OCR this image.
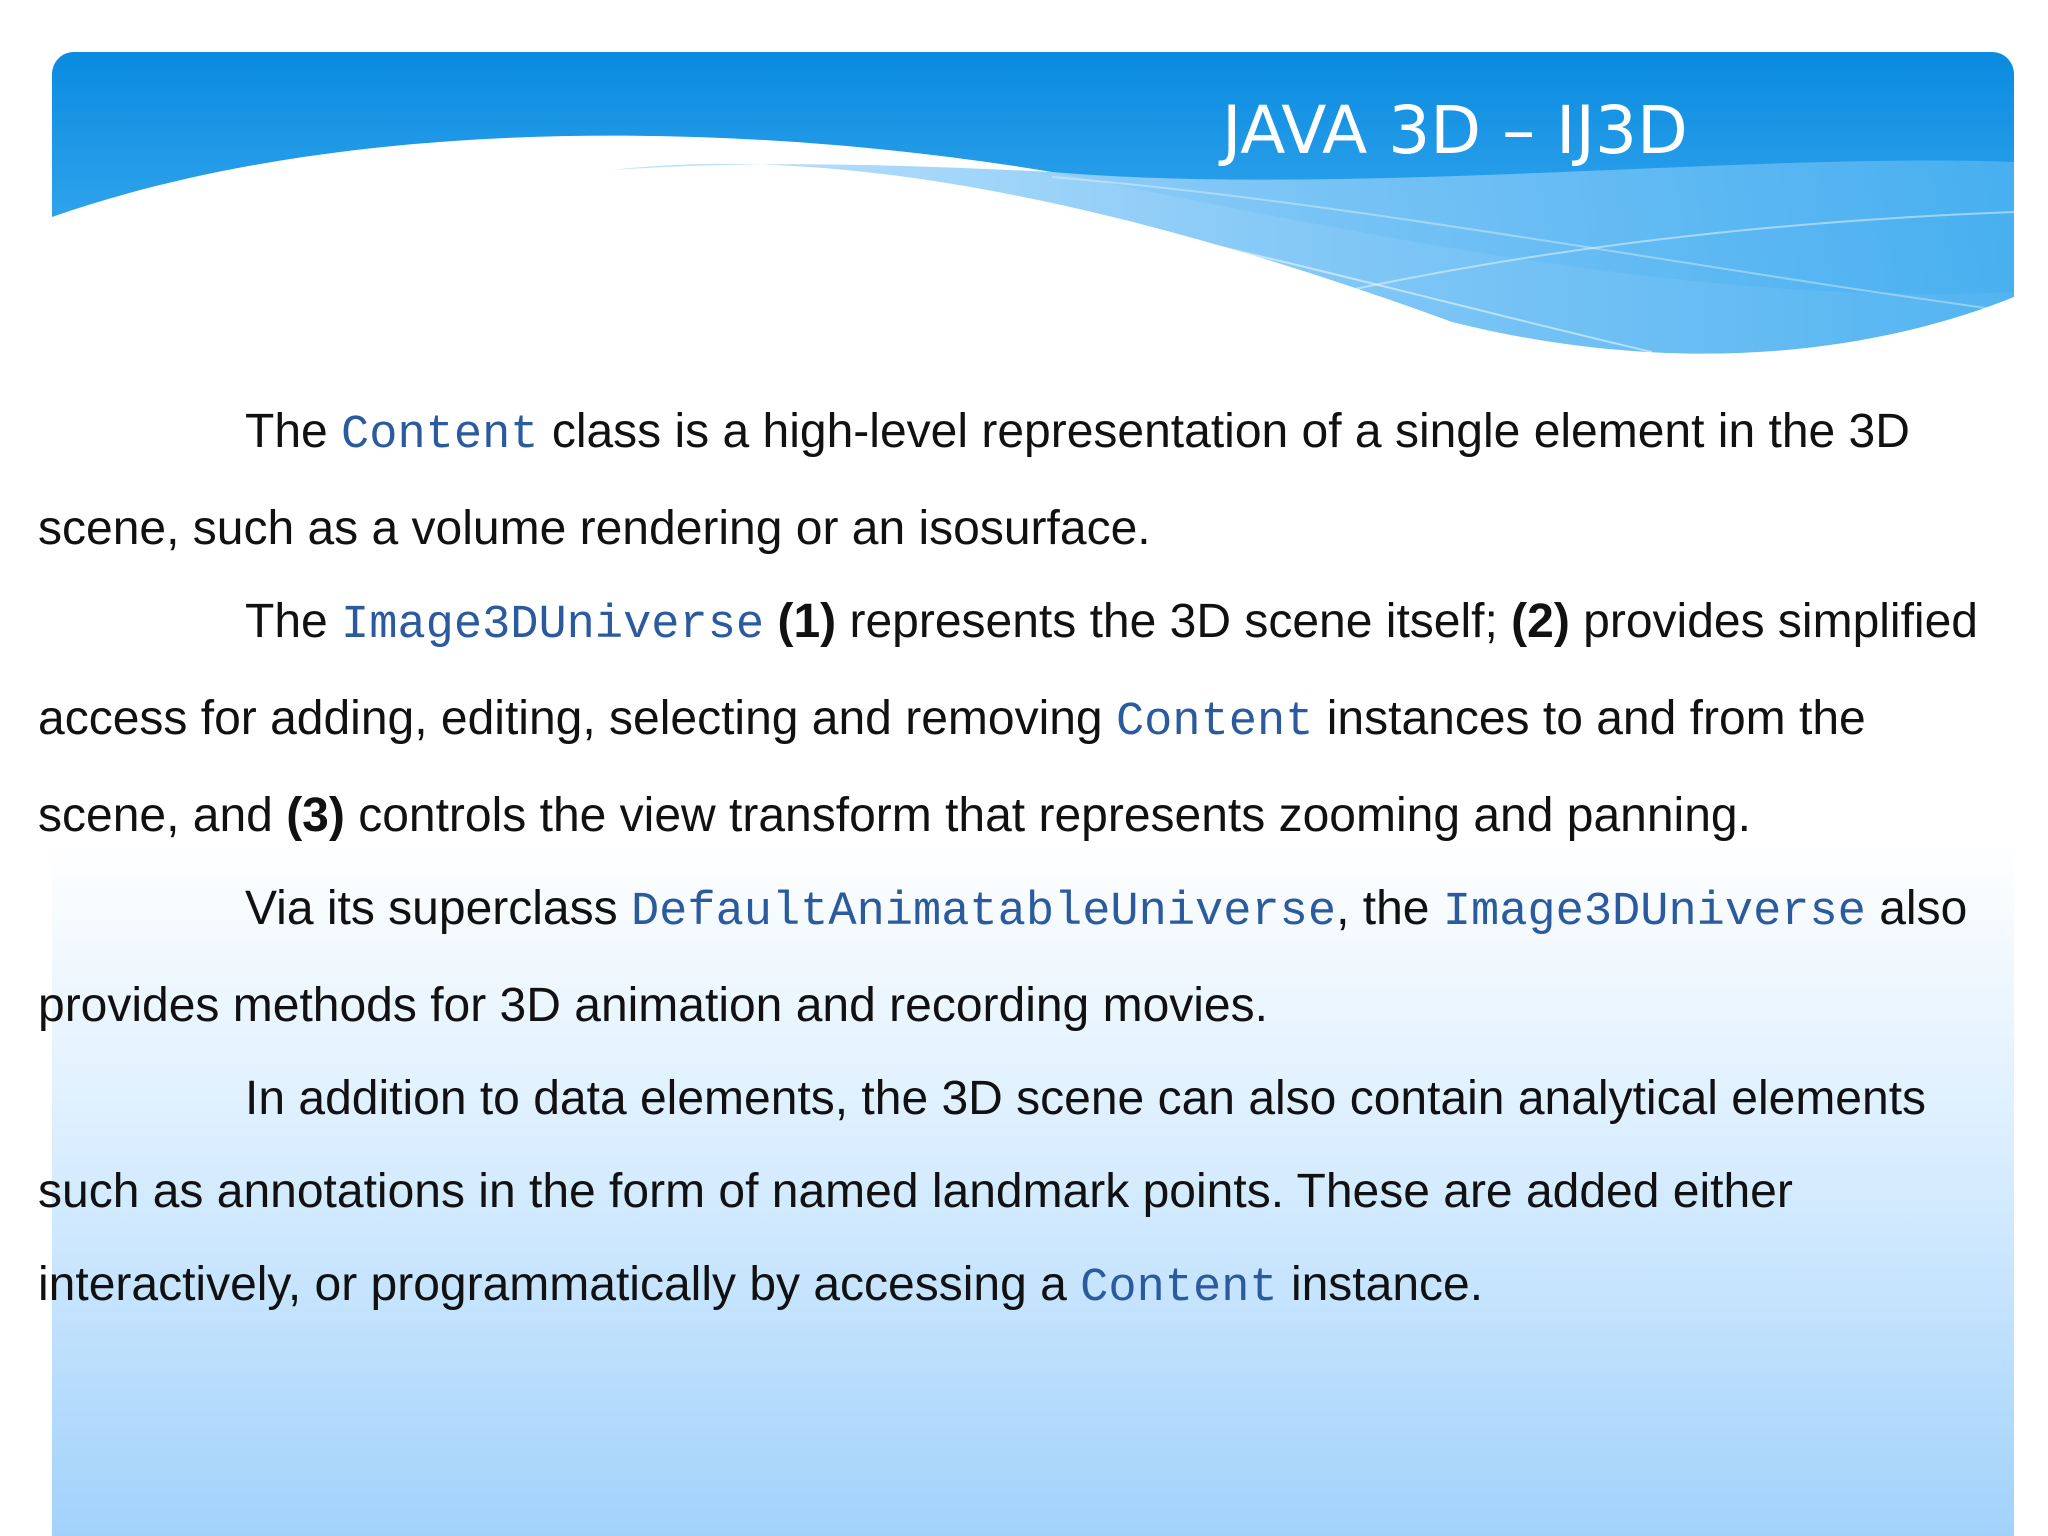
JAVA 3D – IJ3D

The Content class is a high-level representation of a single element in the 3D scene, such as a volume rendering or an isosurface.

The Image3DUniverse (1) represents the 3D scene itself; (2) provides simplified access for adding, editing, selecting and removing Content instances to and from the scene, and (3) controls the view transform that represents zooming and panning.

Via its superclass DefaultAnimatableUniverse, the Image3DUniverse also provides methods for 3D animation and recording movies.

In addition to data elements, the 3D scene can also contain analytical elements such as annotations in the form of named landmark points. These are added either interactively, or programmatically by accessing a Content instance.
